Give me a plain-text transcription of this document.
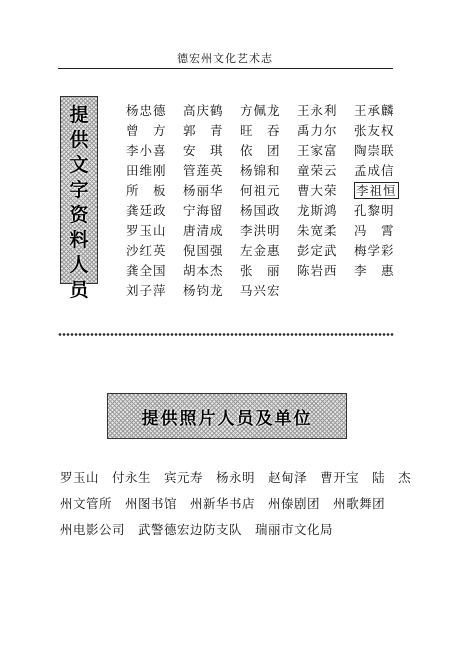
德宏州文化艺术志
提供文字资料人员
杨忠德	高庆鹤	方佩龙	王永利	王承麟
曾　方	郭　青	旺　吞	禹力尔	张友权
李小喜	安　琪	依　团	王家富	陶崇联
田维刚	管莲英	杨锦和	童荣云	孟成信
所　板	杨丽华	何祖元	曹大荣	李祖恒
龚廷政	宁海留	杨国政	龙斯鸿	孔黎明
罗玉山	唐清成	李洪明	朱宽柔	冯　霄
沙红英	倪国强	左金惠	彭定武	梅学彩
龚全国	胡本杰	张　丽	陈岩西	李　惠
刘子萍	杨钧龙	马兴宏
提供照片人员及单位
罗玉山 付永生 宾元寿 杨永明 赵甸泽 曹开宝 陆　杰
州文管所 州图书馆 州新华书店 州傣剧团 州歌舞团
州电影公司 武警德宏边防支队 瑞丽市文化局
